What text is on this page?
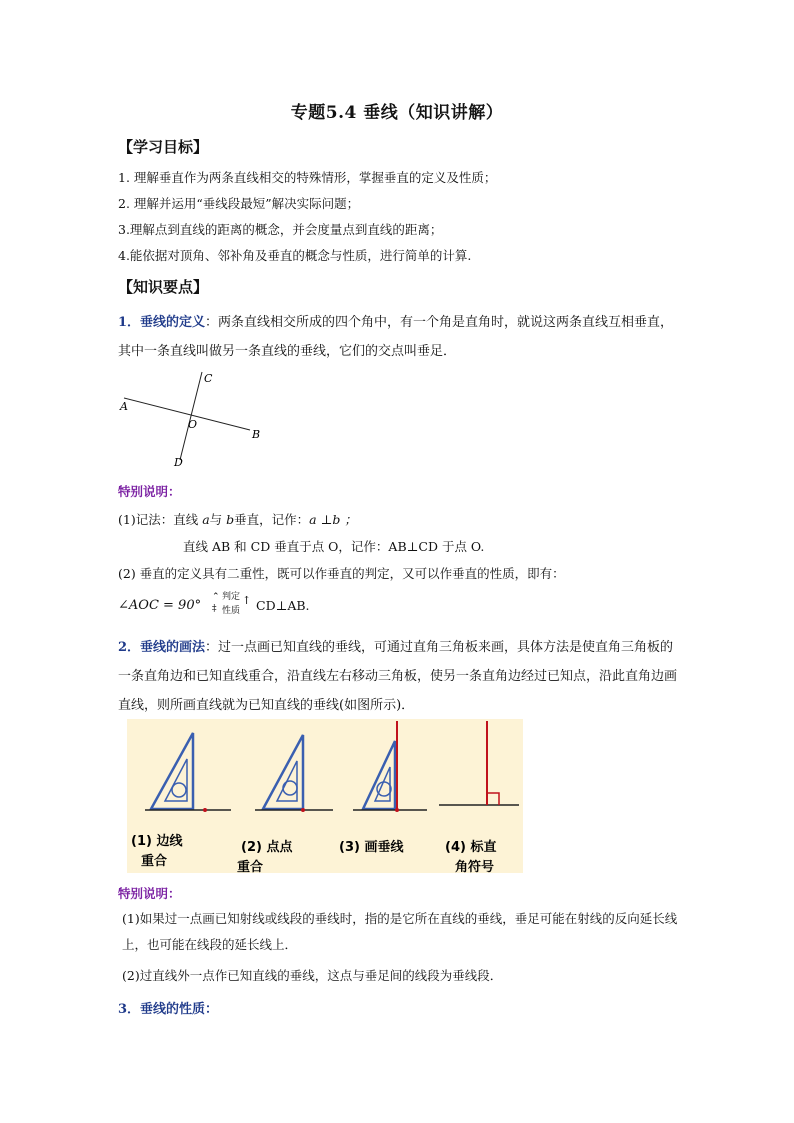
专题5.4 垂线（知识讲解）
【学习目标】
1. 理解垂直作为两条直线相交的特殊情形，掌握垂直的定义及性质；
2. 理解并运用“垂线段最短”解决实际问题；
3.理解点到直线的距离的概念，并会度量点到直线的距离；
4.能依据对顶角、邻补角及垂直的概念与性质，进行简单的计算.
【知识要点】
1．垂线的定义：两条直线相交所成的四个角中，有一个角是直角时，就说这两条直线互相垂直，其中一条直线叫做另一条直线的垂线，它们的交点叫垂足．
A
B
C
D
O
特别说明：
(1)记法：直线 a与 b垂直，记作：a ⊥b ；
直线 AB 和 CD 垂直于点 O，记作：AB⊥CD 于点 O.
(2) 垂直的定义具有二重性，既可以作垂直的判定，又可以作垂直的性质，即有：
∠AOC = 90°
⌃
‡
判定
性质
↑ CD⊥AB.
2．垂线的画法：过一点画已知直线的垂线，可通过直角三角板来画，具体方法是使直角三角板的一条直角边和已知直线重合，沿直线左右移动三角板，使另一条直角边经过已知点，沿此直角边画直线，则所画直线就为已知直线的垂线(如图所示)．
(1) 边线
重合
(2) 点点
重合
(3) 画垂线	(4) 标直
角符号
特别说明：
(1)如果过一点画已知射线或线段的垂线时，指的是它所在直线的垂线，垂足可能在射线的反向延长线上，也可能在线段的延长线上．
(2)过直线外一点作已知直线的垂线，这点与垂足间的线段为垂线段．
3．垂线的性质：
